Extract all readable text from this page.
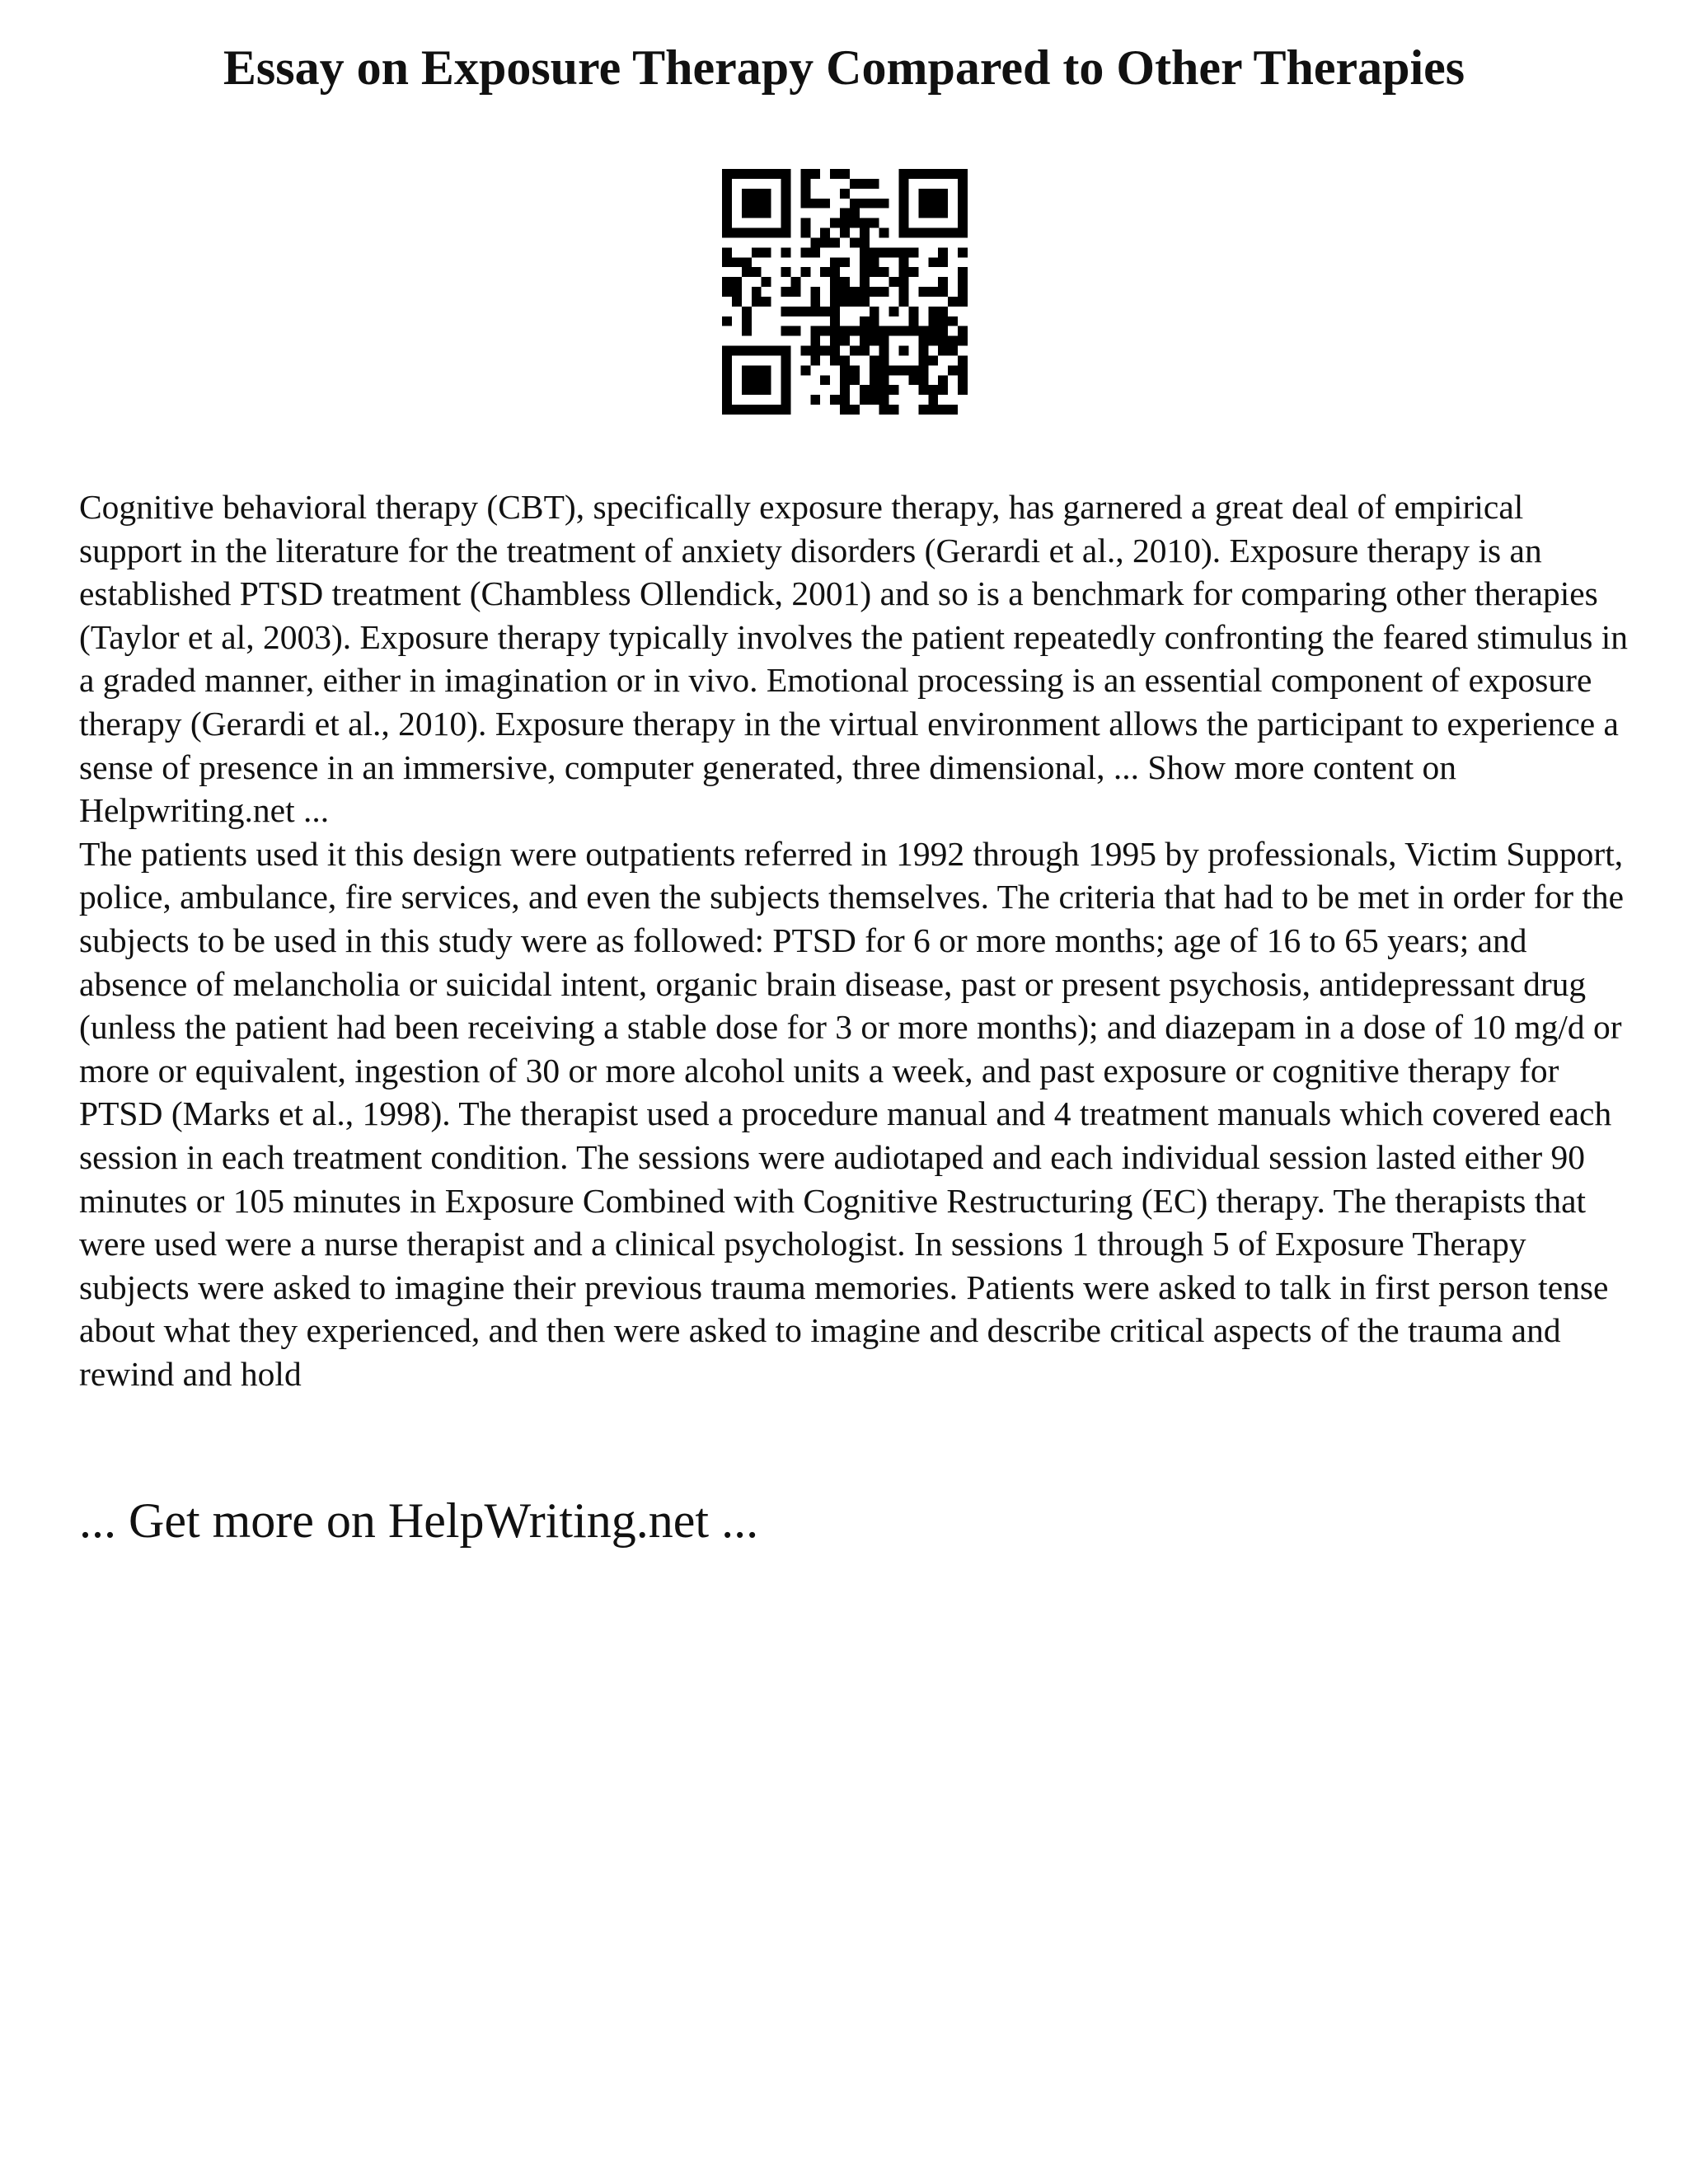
Essay on Exposure Therapy Compared to Other Therapies

Cognitive behavioral therapy (CBT), specifically exposure therapy, has garnered a great deal of empirical support in the literature for the treatment of anxiety disorders (Gerardi et al., 2010). Exposure therapy is an established PTSD treatment (Chambless Ollendick, 2001) and so is a benchmark for comparing other therapies (Taylor et al, 2003). Exposure therapy typically involves the patient repeatedly confronting the feared stimulus in a graded manner, either in imagination or in vivo. Emotional processing is an essential component of exposure therapy (Gerardi et al., 2010). Exposure therapy in the virtual environment allows the participant to experience a sense of presence in an immersive, computer generated, three dimensional, ... Show more content on Helpwriting.net ...

The patients used it this design were outpatients referred in 1992 through 1995 by professionals, Victim Support, police, ambulance, fire services, and even the subjects themselves. The criteria that had to be met in order for the subjects to be used in this study were as followed: PTSD for 6 or more months; age of 16 to 65 years; and absence of melancholia or suicidal intent, organic brain disease, past or present psychosis, antidepressant drug (unless the patient had been receiving a stable dose for 3 or more months); and diazepam in a dose of 10 mg/d or more or equivalent, ingestion of 30 or more alcohol units a week, and past exposure or cognitive therapy for PTSD (Marks et al., 1998). The therapist used a procedure manual and 4 treatment manuals which covered each session in each treatment condition. The sessions were audiotaped and each individual session lasted either 90 minutes or 105 minutes in Exposure Combined with Cognitive Restructuring (EC) therapy. The therapists that were used were a nurse therapist and a clinical psychologist. In sessions 1 through 5 of Exposure Therapy subjects were asked to imagine their previous trauma memories. Patients were asked to talk in first person tense about what they experienced, and then were asked to imagine and describe critical aspects of the trauma and rewind and hold

... Get more on HelpWriting.net ...
